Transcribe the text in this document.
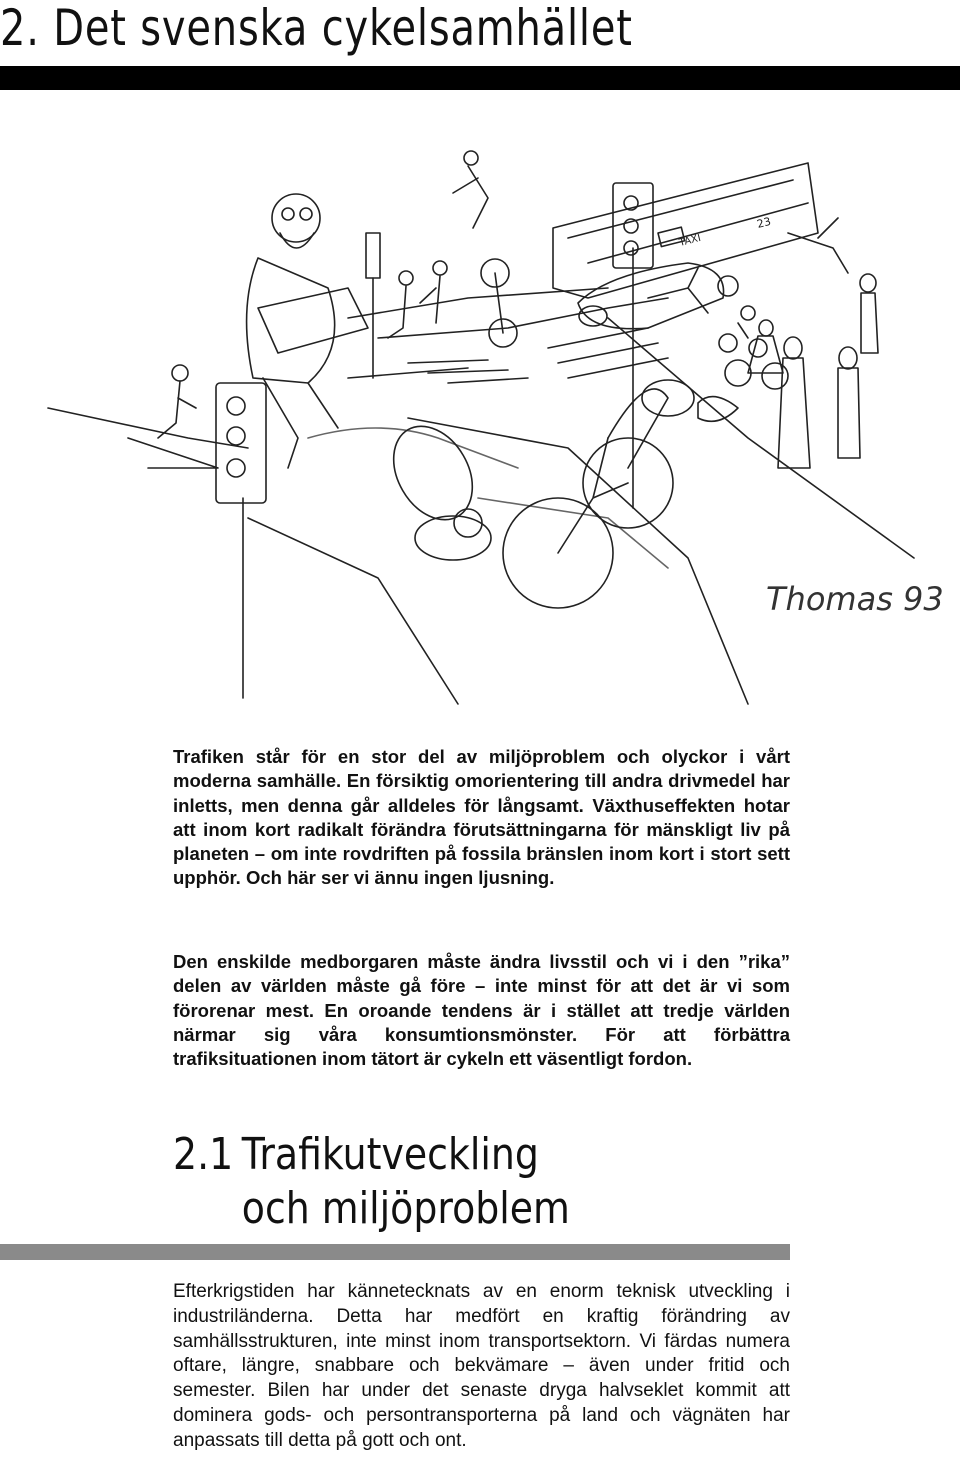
2. Det svenska cykelsamhället
TAXI
23
Thomas 93

Trafiken står för en stor del av miljöproblem och olyckor i vårt moderna samhälle. En försiktig omorientering till andra drivmedel har inletts, men denna går alldeles för långsamt. Växthuseffekten hotar att inom kort radikalt förändra förutsättningarna för mänskligt liv på planeten – om inte rovdriften på fossila bränslen inom kort i stort sett upphör. Och här ser vi ännu ingen ljusning.

Den enskilde medborgaren måste ändra livsstil och vi i den ”rika” delen av världen måste gå före – inte minst för att det är vi som förorenar mest. En oroande tendens är i stället att tredje världen närmar sig våra konsumtionsmönster. För att förbättra trafiksituationen inom tätort är cykeln ett väsentligt fordon.

2.1 Trafikutveckling
och miljöproblem

Efterkrigstiden har kännetecknats av en enorm teknisk utveckling i industriländerna. Detta har medfört en kraftig förändring av samhällsstrukturen, inte minst inom transportsektorn. Vi färdas numera oftare, längre, snabbare och bekvämare – även under fritid och semester. Bilen har under det senaste dryga halvseklet kommit att dominera gods- och persontransporterna på land och vägnäten har anpassats till detta på gott och ont.
